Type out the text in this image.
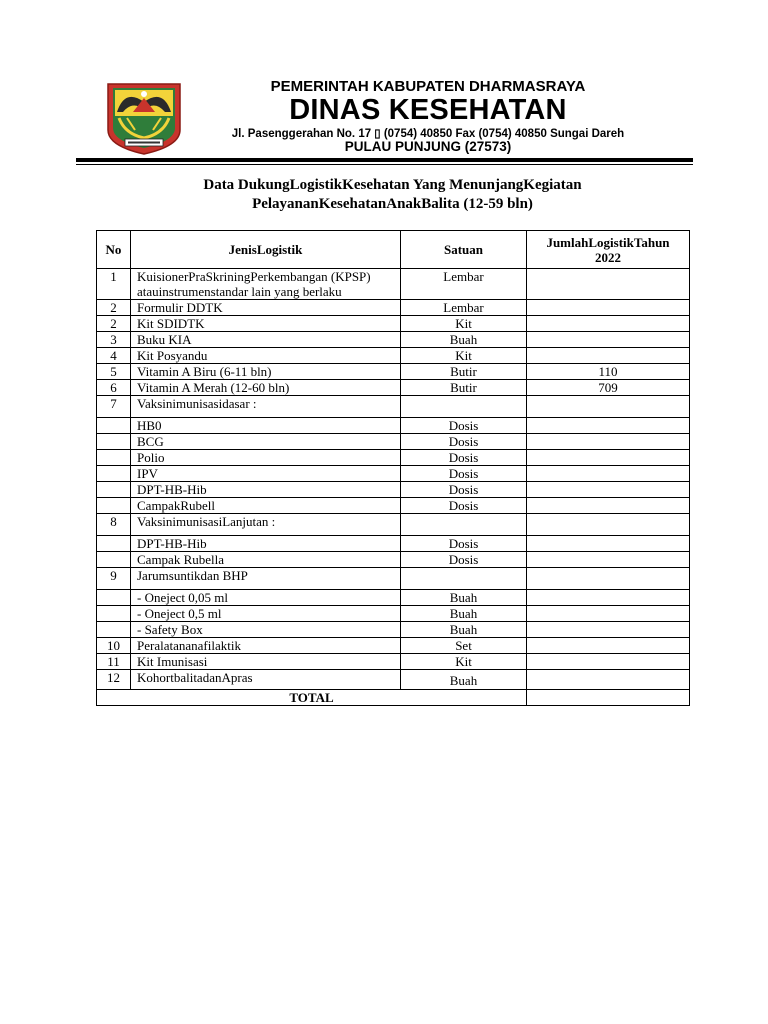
PEMERINTAH KABUPATEN DHARMASRAYA
DINAS KESEHATAN
Jl. Pasenggerahan No. 17 ▯ (0754) 40850 Fax (0754) 40850 Sungai Dareh
PULAU PUNJUNG (27573)
Data DukungLogistikKesehatan Yang MenunjangKegiatan
PelayananKesehatanAnakBalita (12-59 bln)
No	JenisLogistik	Satuan	JumlahLogistikTahun 2022
1	KuisionerPraSkriningPerkembangan (KPSP) atauinstrumenstandar lain yang berlaku	Lembar	
2	Formulir DDTK	Lembar	
2	Kit SDIDTK	Kit	
3	Buku KIA	Buah	
4	Kit Posyandu	Kit	
5	Vitamin A Biru (6-11 bln)	Butir	110
6	Vitamin A Merah (12-60 bln)	Butir	709
7	Vaksinimunisasidasar :		
	HB0	Dosis	
	BCG	Dosis	
	Polio	Dosis	
	IPV	Dosis	
	DPT-HB-Hib	Dosis	
	CampakRubell	Dosis	
8	VaksinimunisasiLanjutan :		
	DPT-HB-Hib	Dosis	
	Campak Rubella	Dosis	
9	Jarumsuntikdan BHP		
	- Oneject 0,05 ml	Buah	
	- Oneject 0,5 ml	Buah	
	- Safety Box	Buah	
10	Peralatananafilaktik	Set	
11	Kit Imunisasi	Kit	
12	KohortbalitadanApras	Buah	
TOTAL			
